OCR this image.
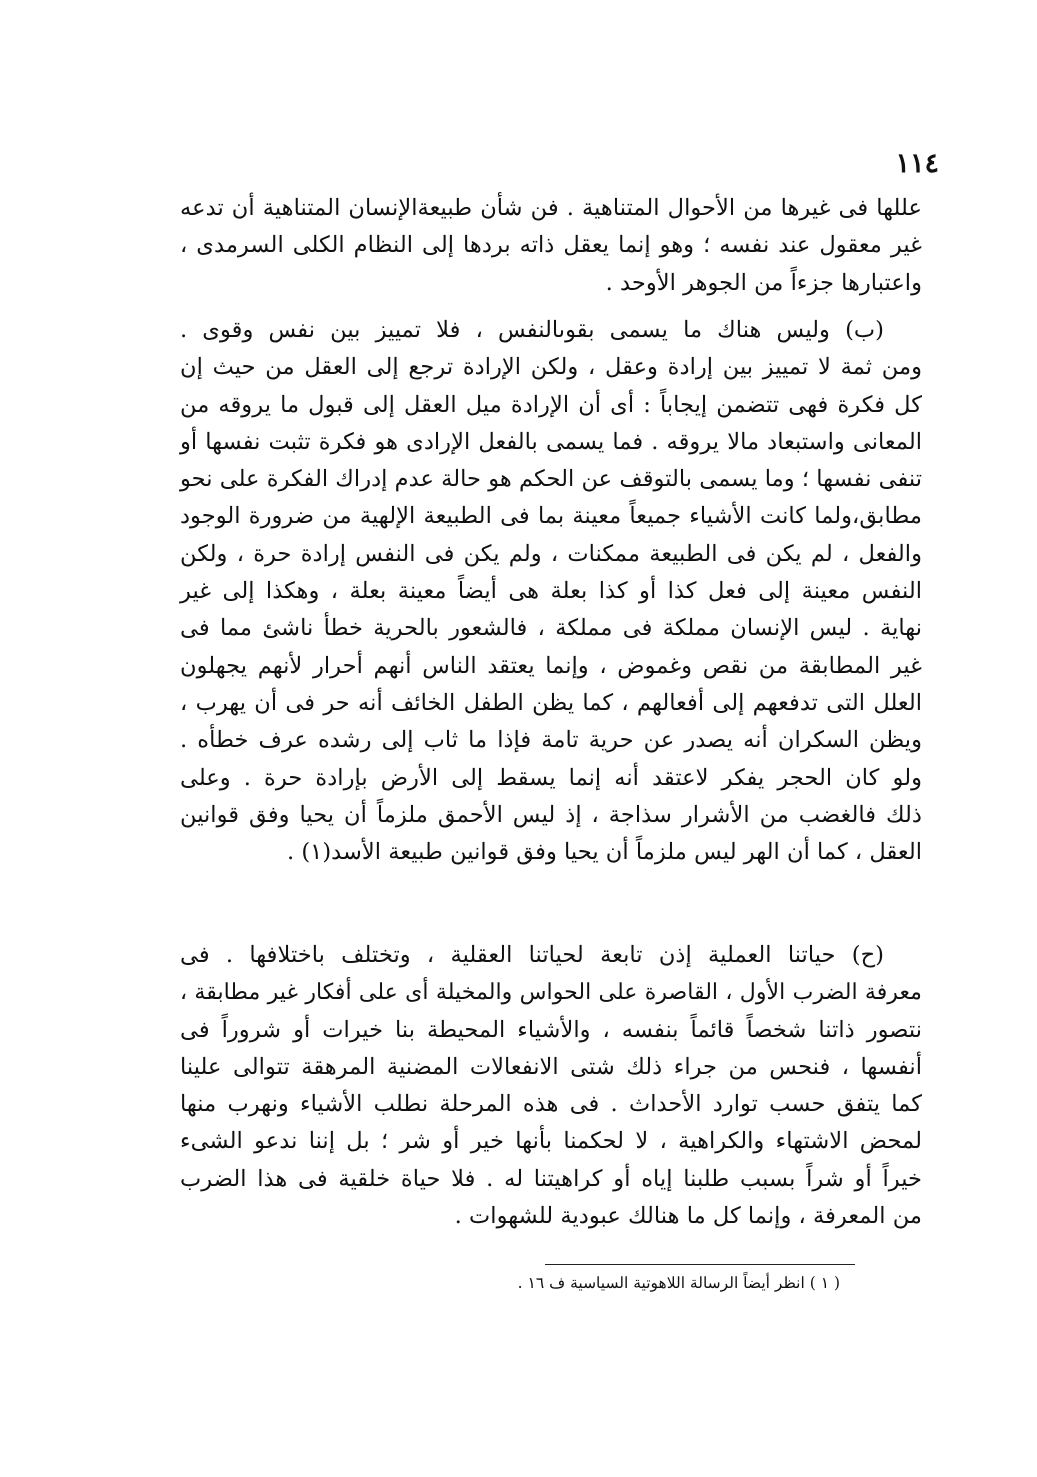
١١٤
عللها فى غيرها من الأحوال المتناهية . فن شأن طبيعةالإنسان المتناهية أن تدعه
غير معقول عند نفسه ؛ وهو إنما يعقل ذاته بردها إلى النظام الكلى السرمدى ،
واعتبارها جزءاً من الجوهر الأوحد .
(ب) وليس هناك ما يسمى بقوىالنفس ، فلا تمييز بين نفس وقوى .
ومن ثمة لا تمييز بين إرادة وعقل ، ولكن الإرادة ترجع إلى العقل من حيث إن
كل فكرة فهى تتضمن إيجاباً : أى أن الإرادة ميل العقل إلى قبول ما يروقه من
المعانى واستبعاد مالا يروقه . فما يسمى بالفعل الإرادى هو فكرة تثبت نفسها أو
تنفى نفسها ؛ وما يسمى بالتوقف عن الحكم هو حالة عدم إدراك الفكرة على نحو
مطابق،ولما كانت الأشياء جميعاً معينة بما فى الطبيعة الإلهية من ضرورة الوجود
والفعل ، لم يكن فى الطبيعة ممكنات ، ولم يكن فى النفس إرادة حرة ، ولكن
النفس معينة إلى فعل كذا أو كذا بعلة هى أيضاً معينة بعلة ، وهكذا إلى غير
نهاية . ليس الإنسان مملكة فى مملكة ، فالشعور بالحرية خطأ ناشئ مما فى
غير المطابقة من نقص وغموض ، وإنما يعتقد الناس أنهم أحرار لأنهم يجهلون
العلل التى تدفعهم إلى أفعالهم ، كما يظن الطفل الخائف أنه حر فى أن يهرب ،
ويظن السكران أنه يصدر عن حرية تامة فإذا ما ثاب إلى رشده عرف خطأه .
ولو كان الحجر يفكر لاعتقد أنه إنما يسقط إلى الأرض بإرادة حرة . وعلى
ذلك فالغضب من الأشرار سذاجة ، إذ ليس الأحمق ملزماً أن يحيا وفق قوانين
العقل ، كما أن الهر ليس ملزماً أن يحيا وفق قوانين طبيعة الأسد(١) .
(ح) حياتنا العملية إذن تابعة لحياتنا العقلية ، وتختلف باختلافها . فى
معرفة الضرب الأول ، القاصرة على الحواس والمخيلة أى على أفكار غير مطابقة ،
نتصور ذاتنا شخصاً قائماً بنفسه ، والأشياء المحيطة بنا خيرات أو شروراً فى
أنفسها ، فنحس من جراء ذلك شتى الانفعالات المضنية المرهقة تتوالى علينا
كما يتفق حسب توارد الأحداث . فى هذه المرحلة نطلب الأشياء ونهرب منها
لمحض الاشتهاء والكراهية ، لا لحكمنا بأنها خير أو شر ؛ بل إننا ندعو الشىء
خيراً أو شراً بسبب طلبنا إياه أو كراهيتنا له . فلا حياة خلقية فى هذا الضرب
من المعرفة ، وإنما كل ما هنالك عبودية للشهوات .
( ١ ) انظر أيضاً الرسالة اللاهوتية السياسية ف ١٦ .
